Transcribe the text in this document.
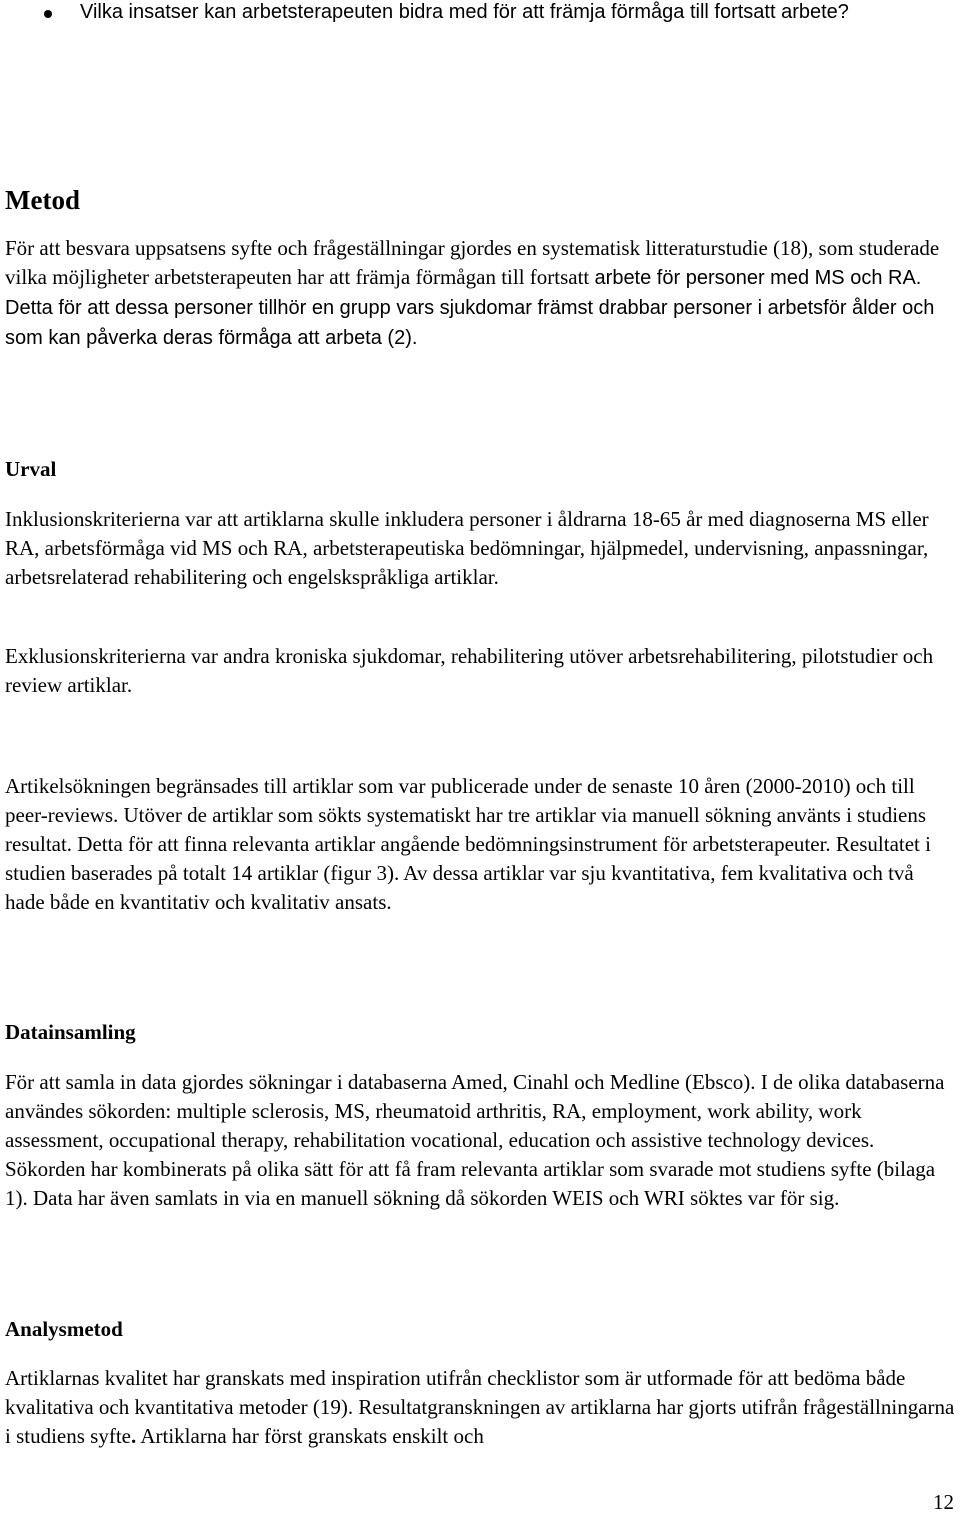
Vilka insatser kan arbetsterapeuten bidra med för att främja förmåga till fortsatt arbete?

Metod

För att besvara uppsatsens syfte och frågeställningar gjordes en systematisk litteraturstudie (18), som studerade vilka möjligheter arbetsterapeuten har att främja förmågan till fortsatt arbete för personer med MS och RA. Detta för att dessa personer tillhör en grupp vars sjukdomar främst drabbar personer i arbetsför ålder och som kan påverka deras förmåga att arbeta (2).

Urval

Inklusionskriterierna var att artiklarna skulle inkludera personer i åldrarna 18-65 år med diagnoserna MS eller RA, arbetsförmåga vid MS och RA, arbetsterapeutiska bedömningar, hjälpmedel, undervisning, anpassningar, arbetsrelaterad rehabilitering och engelskspråkliga artiklar.

Exklusionskriterierna var andra kroniska sjukdomar, rehabilitering utöver arbetsrehabilitering, pilotstudier och review artiklar.

Artikelsökningen begränsades till artiklar som var publicerade under de senaste 10 åren (2000-2010) och till peer-reviews. Utöver de artiklar som sökts systematiskt har tre artiklar via manuell sökning använts i studiens resultat. Detta för att finna relevanta artiklar angående bedömningsinstrument för arbetsterapeuter. Resultatet i studien baserades på totalt 14 artiklar (figur 3). Av dessa artiklar var sju kvantitativa, fem kvalitativa och två hade både en kvantitativ och kvalitativ ansats.

Datainsamling

För att samla in data gjordes sökningar i databaserna Amed, Cinahl och Medline (Ebsco). I de olika databaserna användes sökorden: multiple sclerosis, MS, rheumatoid arthritis, RA, employment, work ability, work assessment, occupational therapy, rehabilitation vocational, education och assistive technology devices. Sökorden har kombinerats på olika sätt för att få fram relevanta artiklar som svarade mot studiens syfte (bilaga 1). Data har även samlats in via en manuell sökning då sökorden WEIS och WRI söktes var för sig.

Analysmetod

Artiklarnas kvalitet har granskats med inspiration utifrån checklistor som är utformade för att bedöma både kvalitativa och kvantitativa metoder (19). Resultatgranskningen av artiklarna har gjorts utifrån frågeställningarna i studiens syfte. Artiklarna har först granskats enskilt och

12
